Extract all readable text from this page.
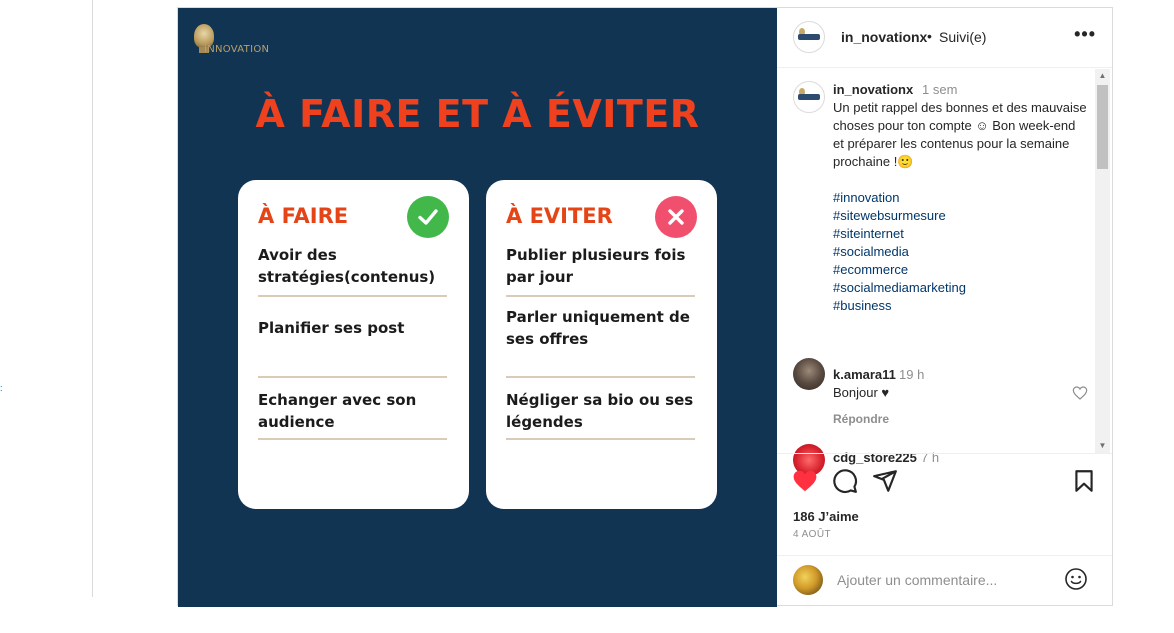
∶
INNOVATION
À FAIRE ET À ÉVITER
À FAIRE
Avoir des stratégies(contenus)
Planifier ses post
Echanger avec son audience
À EVITER
Publier plusieurs fois par jour
Parler uniquement de ses offres
Négliger sa bio ou ses légendes
in_novationx • Suivi(e)	•••
in_novationx 1 sem
Un petit rappel des bonnes et des mauvaise choses pour ton compte ☺ Bon week-end et préparer les contenus pour la semaine prochaine !🙂
#innovation
#sitewebsurmesure
#siteinternet
#socialmedia
#ecommerce
#socialmediamarketing
#business
k.amara11 19 h
Bonjour ♥
Répondre
cdg_store225 7 h
▲
▼
186 J’aime
4 AOÛT
Ajouter un commentaire...
